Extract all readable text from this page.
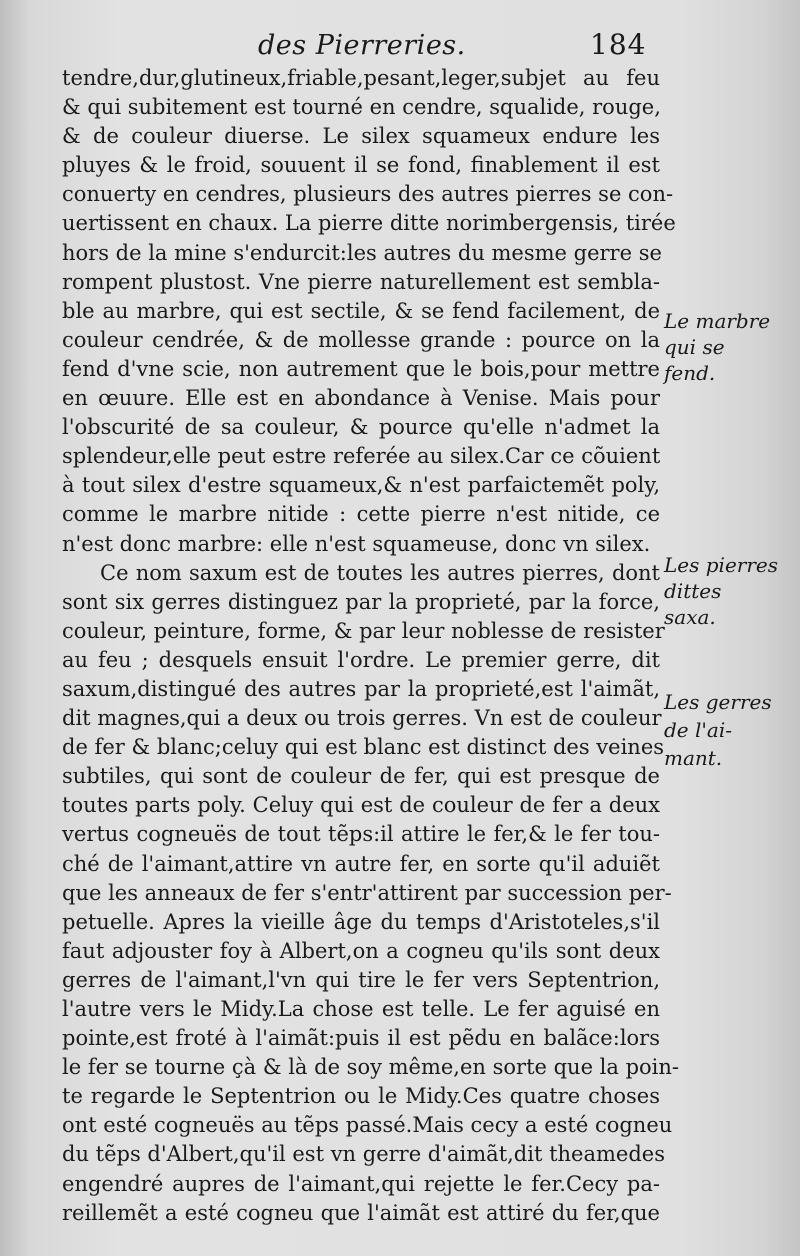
des Pierreries.	184
tendre,dur,glutineux,friable,pesant,leger,subjet au feu
& qui subitement est tourné en cendre, squalide, rouge,
& de couleur diuerse. Le silex squameux endure les
pluyes & le froid, souuent il se fond, finablement il est
conuerty en cendres, plusieurs des autres pierres se con-
uertissent en chaux. La pierre ditte norimbergensis, tirée
hors de la mine s'endurcit:les autres du mesme gerre se
rompent plustost. Vne pierre naturellement est sembla-
ble au marbre, qui est sectile, & se fend facilement, de
couleur cendrée, & de mollesse grande : pource on la
fend d'vne scie, non autrement que le bois,pour mettre
en œuure. Elle est en abondance à Venise. Mais pour
l'obscurité de sa couleur, & pource qu'elle n'admet la
splendeur,elle peut estre referée au silex.Car ce cõuient
à tout silex d'estre squameux,& n'est parfaictemẽt poly,
comme le marbre nitide : cette pierre n'est nitide, ce
n'est donc marbre: elle n'est squameuse, donc vn silex.
Ce nom saxum est de toutes les autres pierres, dont
sont six gerres distinguez par la proprieté, par la force,
couleur, peinture, forme, & par leur noblesse de resister
au feu ; desquels ensuit l'ordre. Le premier gerre, dit
saxum,distingué des autres par la proprieté,est l'aimãt,
dit magnes,qui a deux ou trois gerres. Vn est de couleur
de fer & blanc;celuy qui est blanc est distinct des veines
subtiles, qui sont de couleur de fer, qui est presque de
toutes parts poly. Celuy qui est de couleur de fer a deux
vertus cogneuës de tout tẽps:il attire le fer,& le fer tou-
ché de l'aimant,attire vn autre fer, en sorte qu'il aduiẽt
que les anneaux de fer s'entr'attirent par succession per-
petuelle. Apres la vieille âge du temps d'Aristoteles,s'il
faut adjouster foy à Albert,on a cogneu qu'ils sont deux
gerres de l'aimant,l'vn qui tire le fer vers Septentrion,
l'autre vers le Midy.La chose est telle. Le fer aguisé en
pointe,est froté à l'aimãt:puis il est pẽdu en balãce:lors
le fer se tourne çà & là de soy même,en sorte que la poin-
te regarde le Septentrion ou le Midy.Ces quatre choses
ont esté cogneuës au tẽps passé.Mais cecy a esté cogneu
du tẽps d'Albert,qu'il est vn gerre d'aimãt,dit theamedes
engendré aupres de l'aimant,qui rejette le fer.Cecy pa-
reillemẽt a esté cogneu que l'aimãt est attiré du fer,que
Le marbre
qui se
fend.
Les pierres
dittes
saxa.
Les gerres
de l'ai-
mant.
